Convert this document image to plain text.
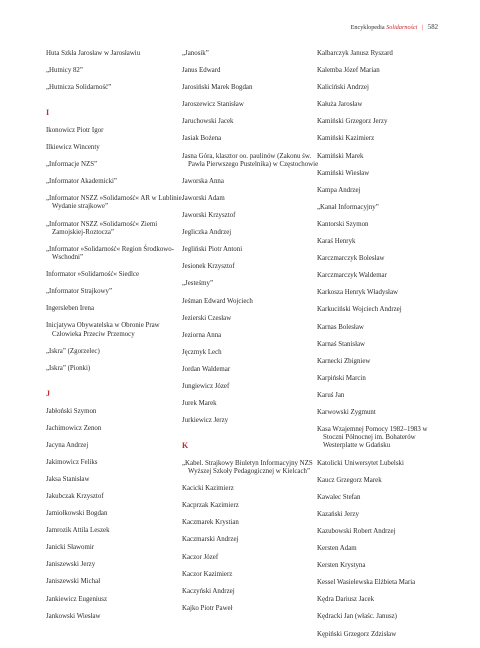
Encyklopedia Solidarności | 582
Huta Szkła Jarosław w Jarosławiu
„Hutnicy 82”
„Hutnicza Solidarność”
I
Ikonowicz Piotr Igor
Ilkiewicz Wincenty
„Informacje NZS”
„Informator Akademicki”
„Informator NSZZ »Solidarność« AR w Lublinie. Wydanie strajkowe”
„Informator NSZZ »Solidarność« Ziemi Zamojskiej-Roztocza”
„Informator »Solidarność« Region Środkowo-Wschodni”
Informator »Solidarność« Siedlce
„Informator Strajkowy”
Ingersleben Irena
Inicjatywa Obywatelska w Obronie Praw Człowieka Przeciw Przemocy
„Iskra” (Zgorzelec)
„Iskra” (Pionki)
J
Jabłoński Szymon
Jachimowicz Zenon
Jacyna Andrzej
Jakimowicz Feliks
Jaksa Stanisław
Jakubczak Krzysztof
Jamiołkowski Bogdan
Jamrozik Attila Leszek
Janicki Sławomir
Janiszewski Jerzy
Janiszewski Michał
Jankiewicz Eugeniusz
Jankowski Wiesław
„Janosik”
Janus Edward
Jarosiński Marek Bogdan
Jaroszewicz Stanisław
Jaruchowski Jacek
Jasiak Bożena
Jasna Góra, klasztor oo. paulinów (Zakonu św. Pawła Pierwszego Pustelnika) w Częstochowie
Jaworska Anna
Jaworski Adam
Jaworski Krzysztof
Jegliczka Andrzej
Jegliński Piotr Antoni
Jesionek Krzysztof
„Jesteśmy”
Jeśman Edward Wojciech
Jezierski Czesław
Jeziorna Anna
Jęczmyk Lech
Jordan Waldemar
Jungiewicz Józef
Jurek Marek
Jurkiewicz Jerzy
K
„Kabel. Strajkowy Biuletyn Informacyjny NZS Wyższej Szkoły Pedagogicznej w Kielcach”
Kacicki Kazimierz
Kacprzak Kazimierz
Kaczmarek Krystian
Kaczmarski Andrzej
Kaczor Józef
Kaczor Kazimierz
Kaczyński Andrzej
Kajko Piotr Paweł
Kalbarczyk Janusz Ryszard
Kalemba Józef Marian
Kaliciński Andrzej
Kałuża Jarosław
Kamiński Grzegorz Jerzy
Kamiński Kazimierz
Kamiński Marek
Kamiński Wiesław
Kampa Andrzej
„Kanał Informacyjny”
Kantorski Szymon
Karaś Henryk
Karczmarczyk Bolesław
Karczmarczyk Waldemar
Karkosza Henryk Władysław
Karkuciński Wojciech Andrzej
Karnas Bolesław
Karnaś Stanisław
Karnecki Zbigniew
Karpiński Marcin
Karuś Jan
Karwowski Zygmunt
Kasa Wzajemnej Pomocy 1982–1983 w Stoczni Północnej im. Bohaterów Westerplatte w Gdańsku
Katolicki Uniwersytet Lubelski
Kaucz Grzegorz Marek
Kawalec Stefan
Kazański Jerzy
Kazubowski Robert Andrzej
Kersten Adam
Kersten Krystyna
Kessel Wasielewska Elżbieta Maria
Kędra Dariusz Jacek
Kędracki Jan (właśc. Janusz)
Kępiński Grzegorz Zdzisław
